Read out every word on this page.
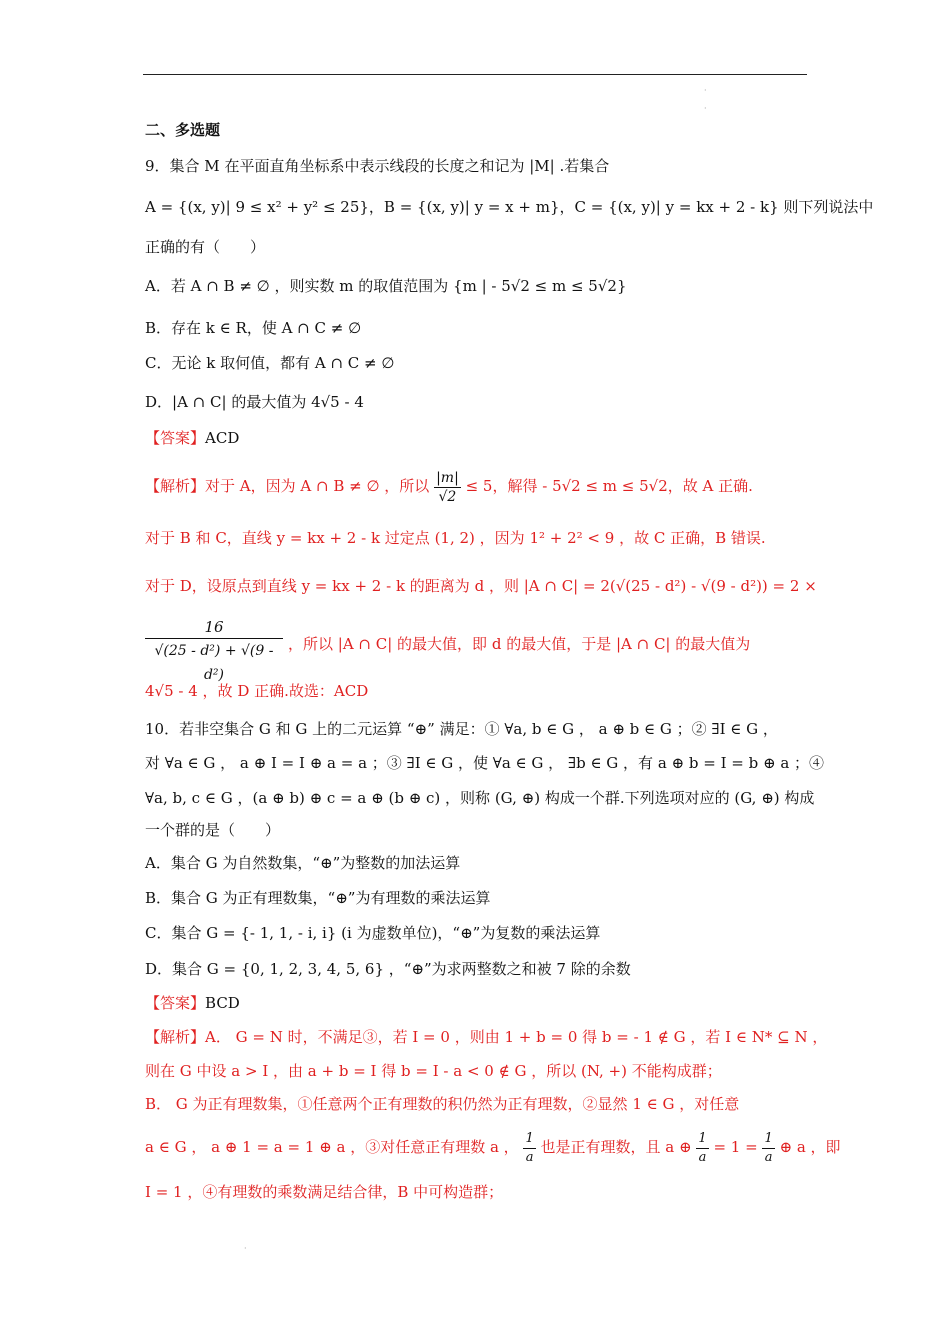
·
·
·
二、多选题
9．集合 M 在平面直角坐标系中表示线段的长度之和记为 |M| .若集合
A = {(x, y)| 9 ≤ x² + y² ≤ 25}，B = {(x, y)| y = x + m}，C = {(x, y)| y = kx + 2 - k} 则下列说法中
正确的有（　　）
A．若 A ∩ B ≠ ∅ ，则实数 m 的取值范围为 {m | - 5√2 ≤ m ≤ 5√2}
B．存在 k ∈ R，使 A ∩ C ≠ ∅
C．无论 k 取何值，都有 A ∩ C ≠ ∅
D．|A ∩ C| 的最大值为 4√5 - 4
【答案】ACD
【解析】对于 A，因为 A ∩ B ≠ ∅ ，所以 $\frac{|m|}{√2} \le 5$，解得 - 5√2 ≤ m ≤ 5√2，故 A 正确.
对于 B 和 C，直线 y = kx + 2 - k 过定点 (1, 2) ，因为 1² + 2² < 9 ，故 C 正确，B 错误.
对于 D，设原点到直线 y = kx + 2 - k 的距离为 d ，则 |A ∩ C| = 2(√(25 - d²) - √(9 - d²)) = 2 ×
$\frac{16}{\text{√(25 - d²) + √(9 - d²)}}$ ，所以 |A ∩ C| 的最大值，即 d 的最大值，于是 |A ∩ C| 的最大值为
4√5 - 4 ，故 D 正确.故选：ACD
10．若非空集合 G 和 G 上的二元运算 “⊕” 满足：① ∀a, b ∈ G ， a ⊕ b ∈ G ；② ∃I ∈ G ，
对 ∀a ∈ G ， a ⊕ I = I ⊕ a = a ；③ ∃I ∈ G ，使 ∀a ∈ G ， ∃b ∈ G ，有 a ⊕ b = I = b ⊕ a ；④
∀a, b, c ∈ G ，(a ⊕ b) ⊕ c = a ⊕ (b ⊕ c) ，则称 (G, ⊕) 构成一个群.下列选项对应的 (G, ⊕) 构成
一个群的是（　　）
A．集合 G 为自然数集，“⊕”为整数的加法运算
B．集合 G 为正有理数集，“⊕”为有理数的乘法运算
C．集合 G = {- 1, 1, - i, i} (i 为虚数单位)，“⊕”为复数的乘法运算
D．集合 G = {0, 1, 2, 3, 4, 5, 6} ，“⊕”为求两整数之和被 7 除的余数
【答案】BCD
【解析】A． G = N 时，不满足③，若 I = 0 ，则由 1 + b = 0 得 b = - 1 ∉ G ，若 I ∈ N* ⊆ N ，
则在 G 中设 a > I ，由 a + b = I 得 b = I - a < 0 ∉ G ，所以 (N, +) 不能构成群；
B． G 为正有理数集，①任意两个正有理数的积仍然为正有理数，②显然 1 ∈ G ，对任意
a ∈ G ， a ⊕ 1 = a = 1 ⊕ a ，③对任意正有理数 a ， $\frac{1}{a}$ 也是正有理数，且 a ⊕ $\frac{1}{a} = 1 = \frac{1}{a}$ ⊕ a ，即
I = 1 ，④有理数的乘数满足结合律，B 中可构造群；
